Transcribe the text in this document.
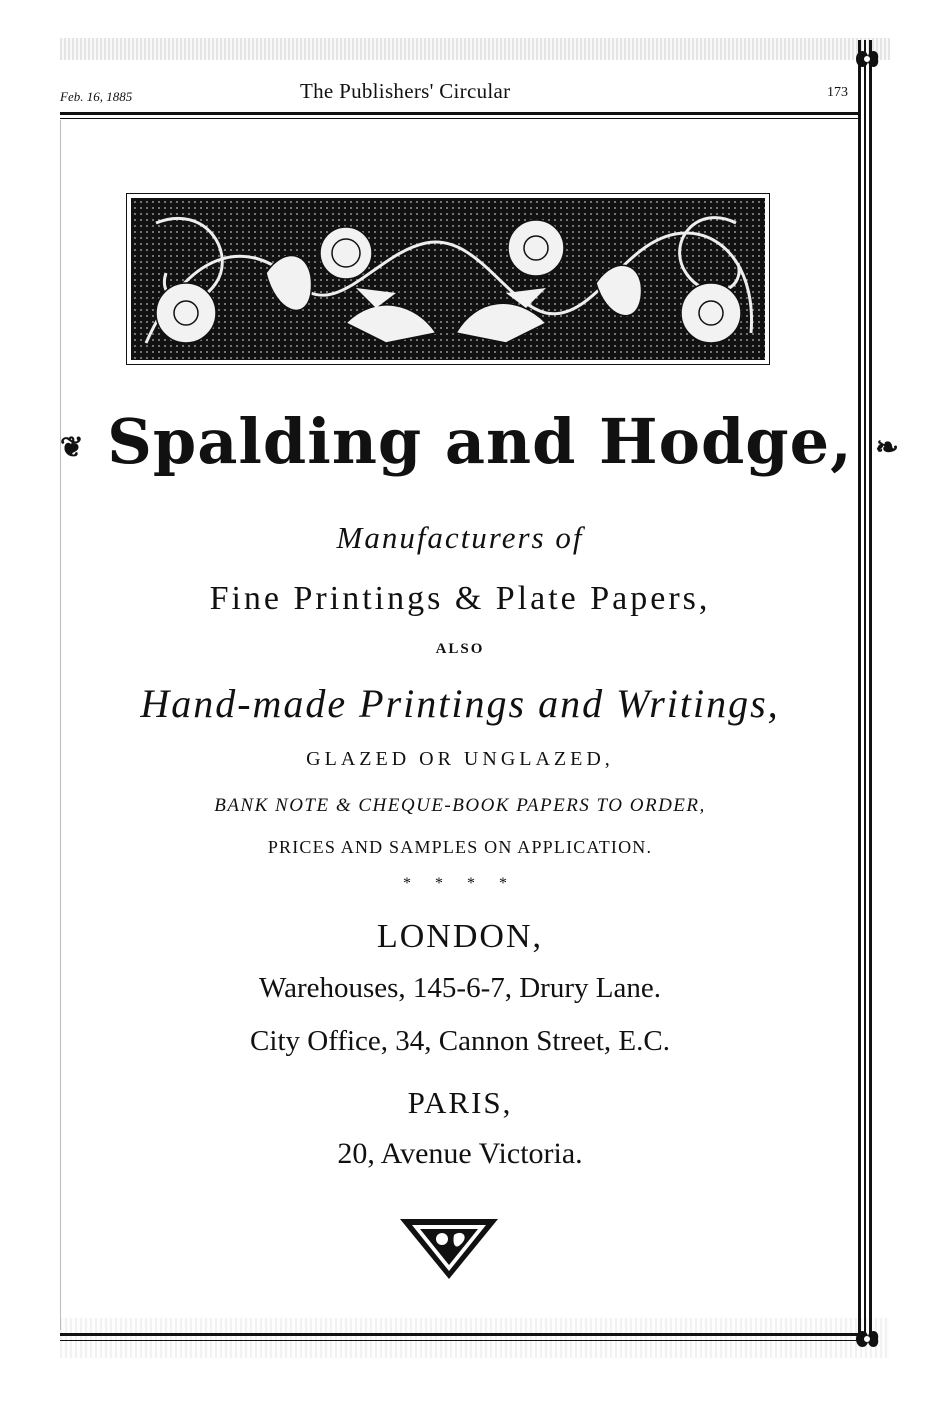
Feb. 16, 1885	The Publishers' Circular	173
❦ Spalding and Hodge, ❧
Manufacturers of
Fine Printings & Plate Papers,
ALSO
Hand-made Printings and Writings,
GLAZED OR UNGLAZED,
BANK NOTE & CHEQUE-BOOK PAPERS TO ORDER,
PRICES AND SAMPLES ON APPLICATION.
* * * *
LONDON,
Warehouses, 145-6-7, Drury Lane.
City Office, 34, Cannon Street, E.C.
PARIS,
20, Avenue Victoria.
